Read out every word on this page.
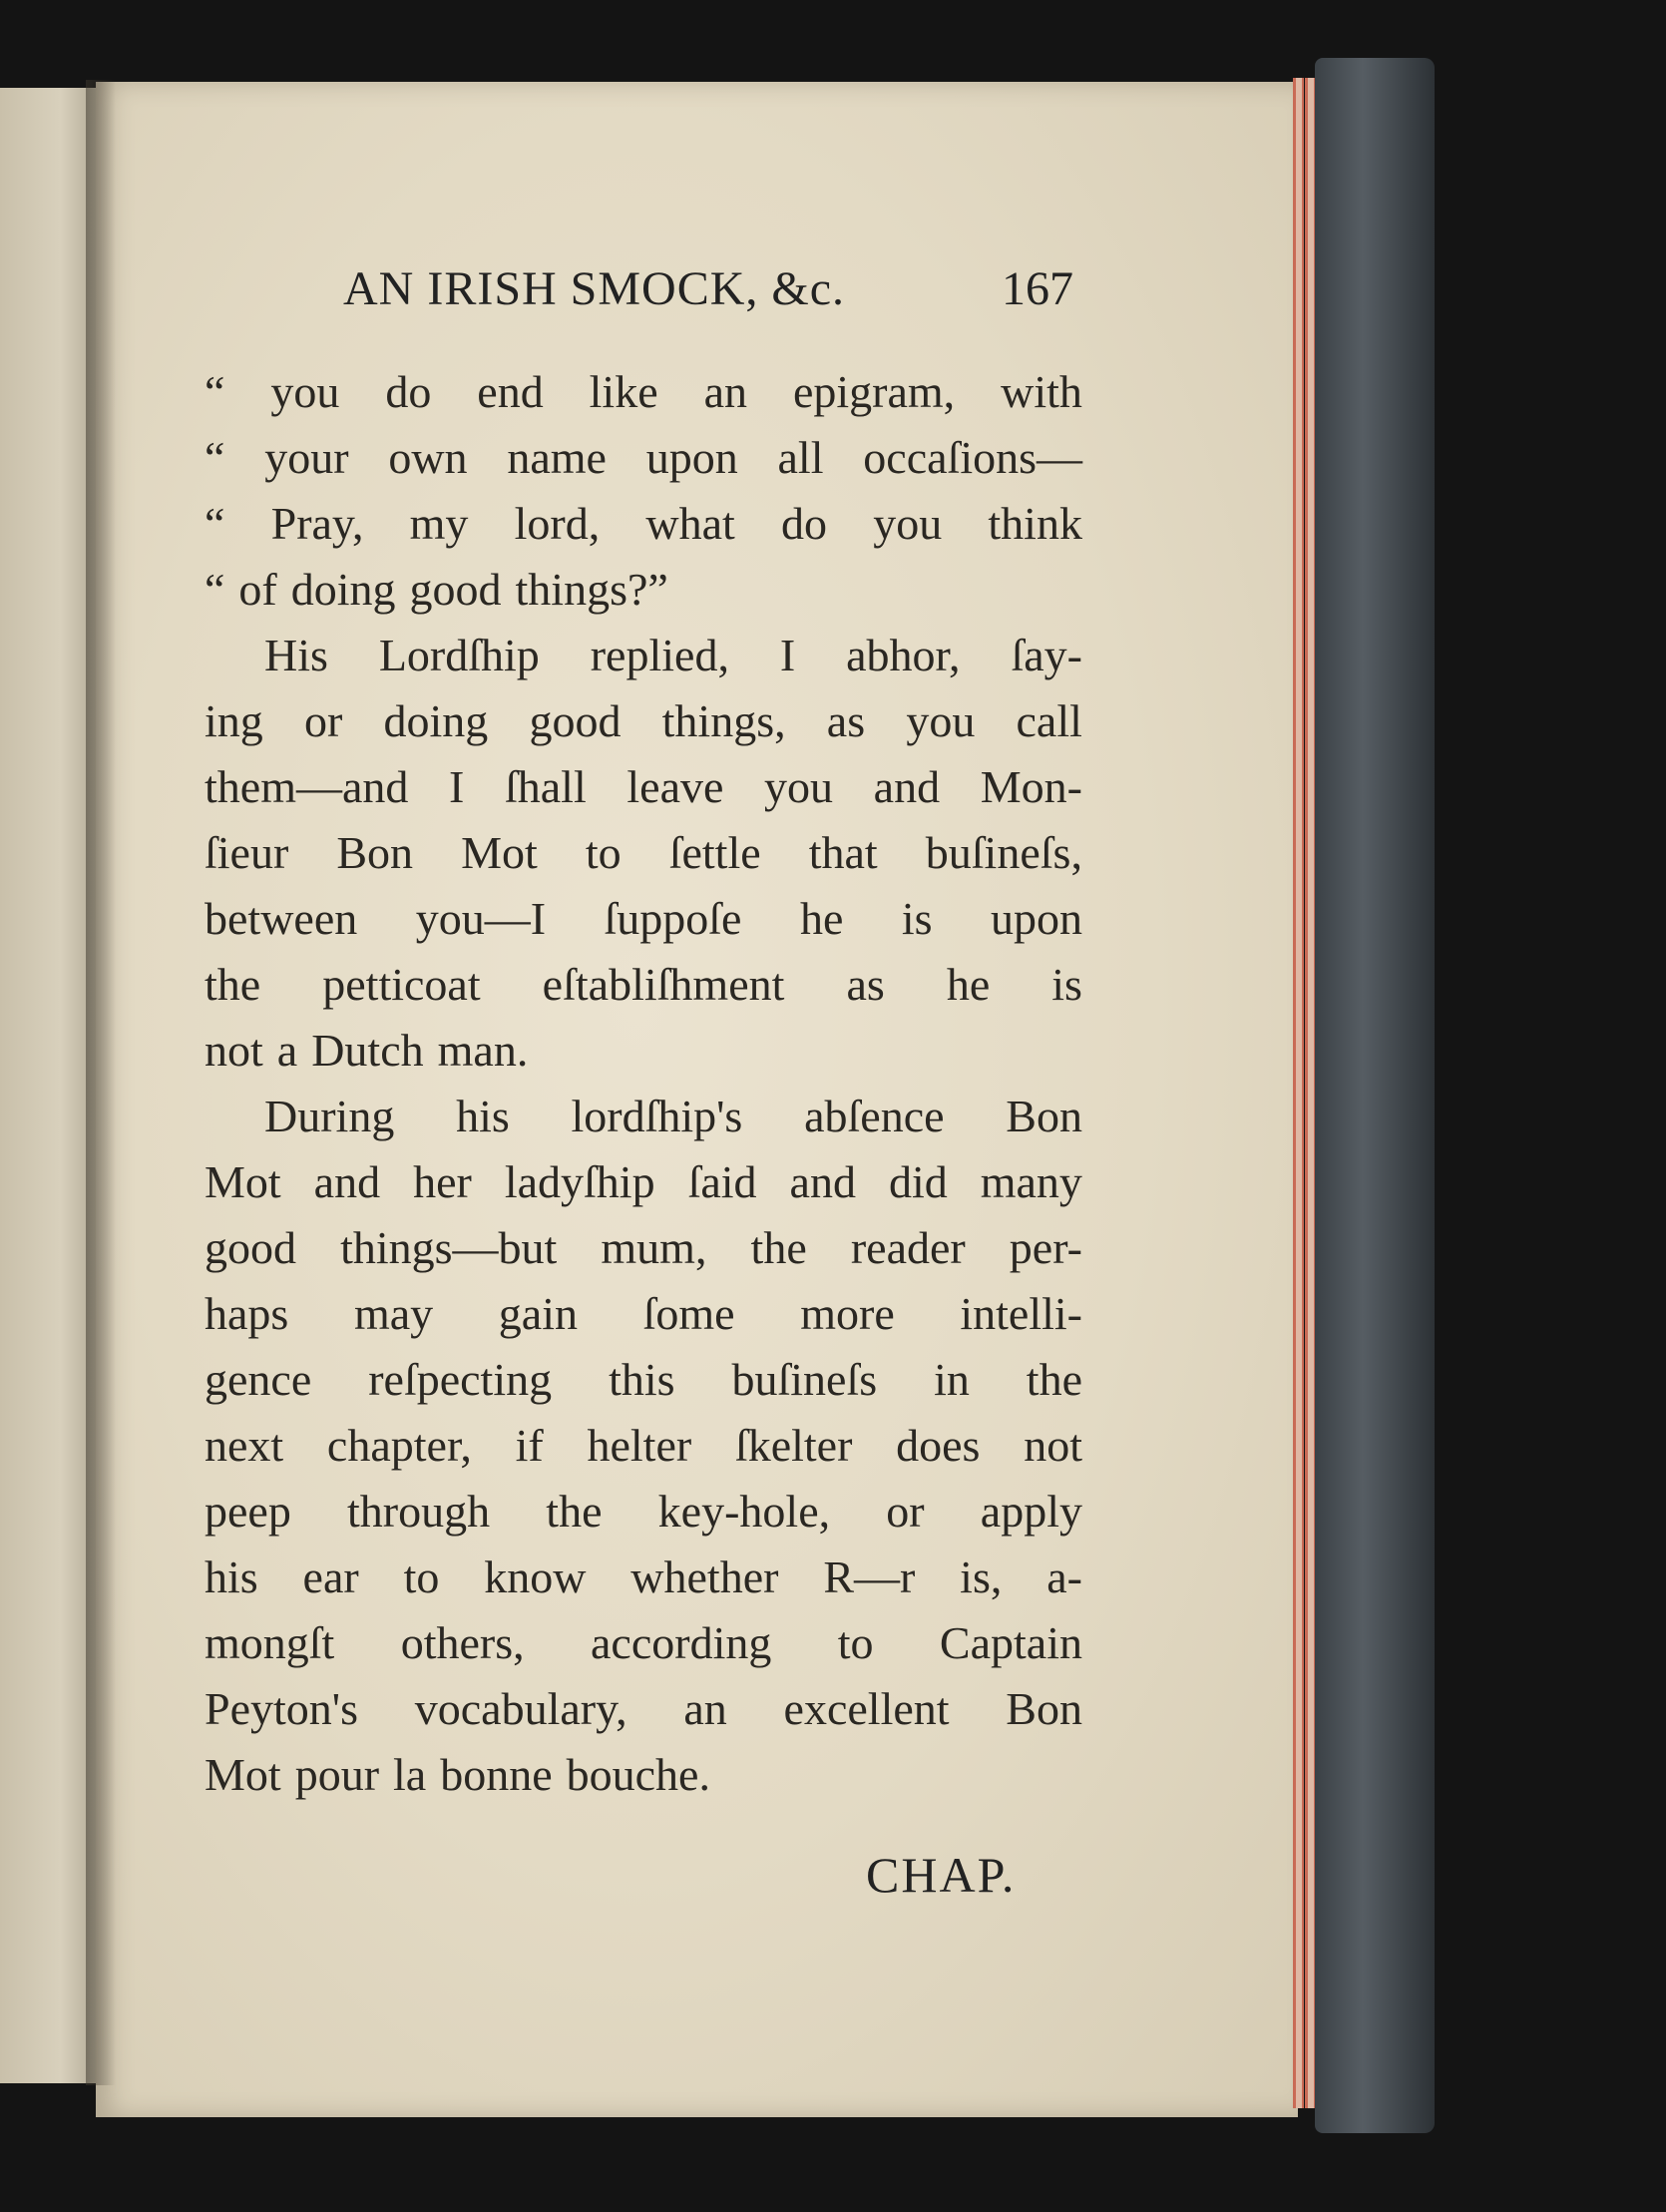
AN IRISH SMOCK, &c.	167
“ you do end like an epigram, with
“ your own name upon all occaſions—
“ Pray, my lord, what do you think
“ of doing good things?”
His Lordſhip replied, I abhor, ſay-
ing or doing good things, as you call
them—and I ſhall leave you and Mon-
ſieur Bon Mot to ſettle that buſineſs,
between you—I ſuppoſe he is upon
the petticoat eſtabliſhment as he is
not a Dutch man.
During his lordſhip's abſence Bon
Mot and her ladyſhip ſaid and did many
good things—but mum, the reader per-
haps may gain ſome more intelli-
gence reſpecting this buſineſs in the
next chapter, if helter ſkelter does not
peep through the key-hole, or apply
his ear to know whether R—r is, a-
mongſt others, according to Captain
Peyton's vocabulary, an excellent Bon
Mot pour la bonne bouche.
CHAP.
